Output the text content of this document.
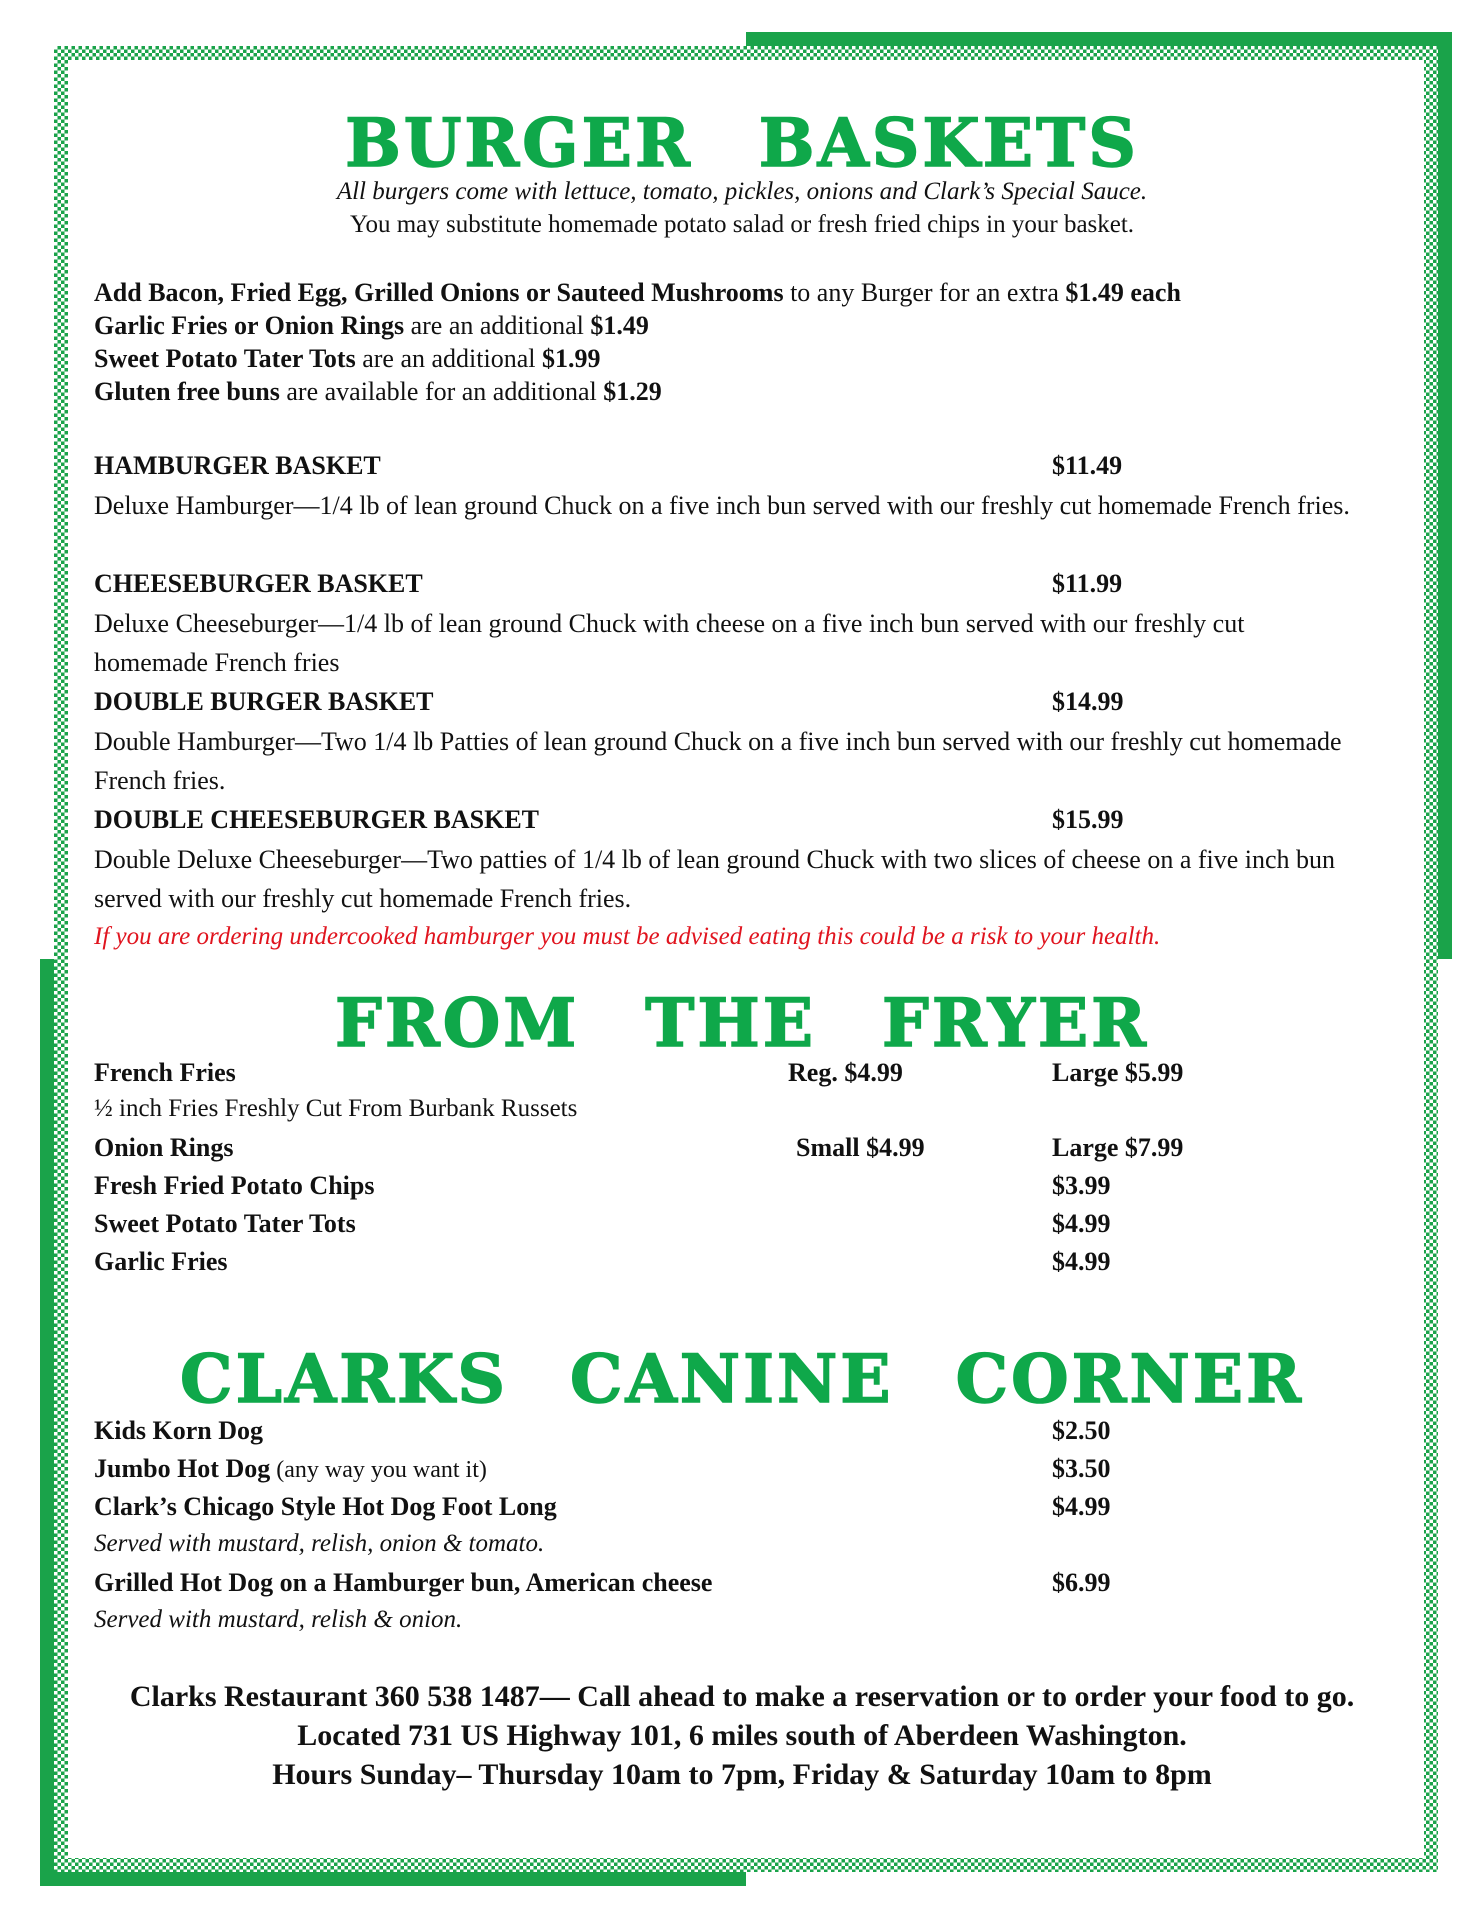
BURGER BASKETS
All burgers come with lettuce, tomato, pickles, onions and Clark’s Special Sauce.
You may substitute homemade potato salad or fresh fried chips in your basket.
Add Bacon, Fried Egg, Grilled Onions or Sauteed Mushrooms to any Burger for an extra $1.49 each
Garlic Fries or Onion Rings are an additional $1.49
Sweet Potato Tater Tots are an additional $1.99
Gluten free buns are available for an additional $1.29
HAMBURGER BASKET	$11.49
Deluxe Hamburger—1/4 lb of lean ground Chuck on a five inch bun served with our freshly cut homemade French fries.
CHEESEBURGER BASKET	$11.99
Deluxe Cheeseburger—1/4 lb of lean ground Chuck with cheese on a five inch bun served with our freshly cut homemade French fries
DOUBLE BURGER BASKET	$14.99
Double Hamburger—Two 1/4 lb Patties of lean ground Chuck on a five inch bun served with our freshly cut homemade French fries.
DOUBLE CHEESEBURGER BASKET	$15.99
Double Deluxe Cheeseburger—Two patties of 1/4 lb of lean ground Chuck with two slices of cheese on a five inch bun served with our freshly cut homemade French fries.
If you are ordering undercooked hamburger you must be advised eating this could be a risk to your health.
FROM THE FRYER
French Fries	Reg. $4.99	Large $5.99
½ inch Fries Freshly Cut From Burbank Russets
Onion Rings	Small $4.99	Large $7.99
Fresh Fried Potato Chips	$3.99
Sweet Potato Tater Tots	$4.99
Garlic Fries	$4.99
CLARKS CANINE CORNER
Kids Korn Dog	$2.50
Jumbo Hot Dog (any way you want it)	$3.50
Clark’s Chicago Style Hot Dog Foot Long	$4.99
Served with mustard, relish, onion & tomato.
Grilled Hot Dog on a Hamburger bun, American cheese	$6.99
Served with mustard, relish & onion.
Clarks Restaurant 360 538 1487— Call ahead to make a reservation or to order your food to go.
Located 731 US Highway 101, 6 miles south of Aberdeen Washington.
Hours Sunday– Thursday 10am to 7pm, Friday & Saturday 10am to 8pm
